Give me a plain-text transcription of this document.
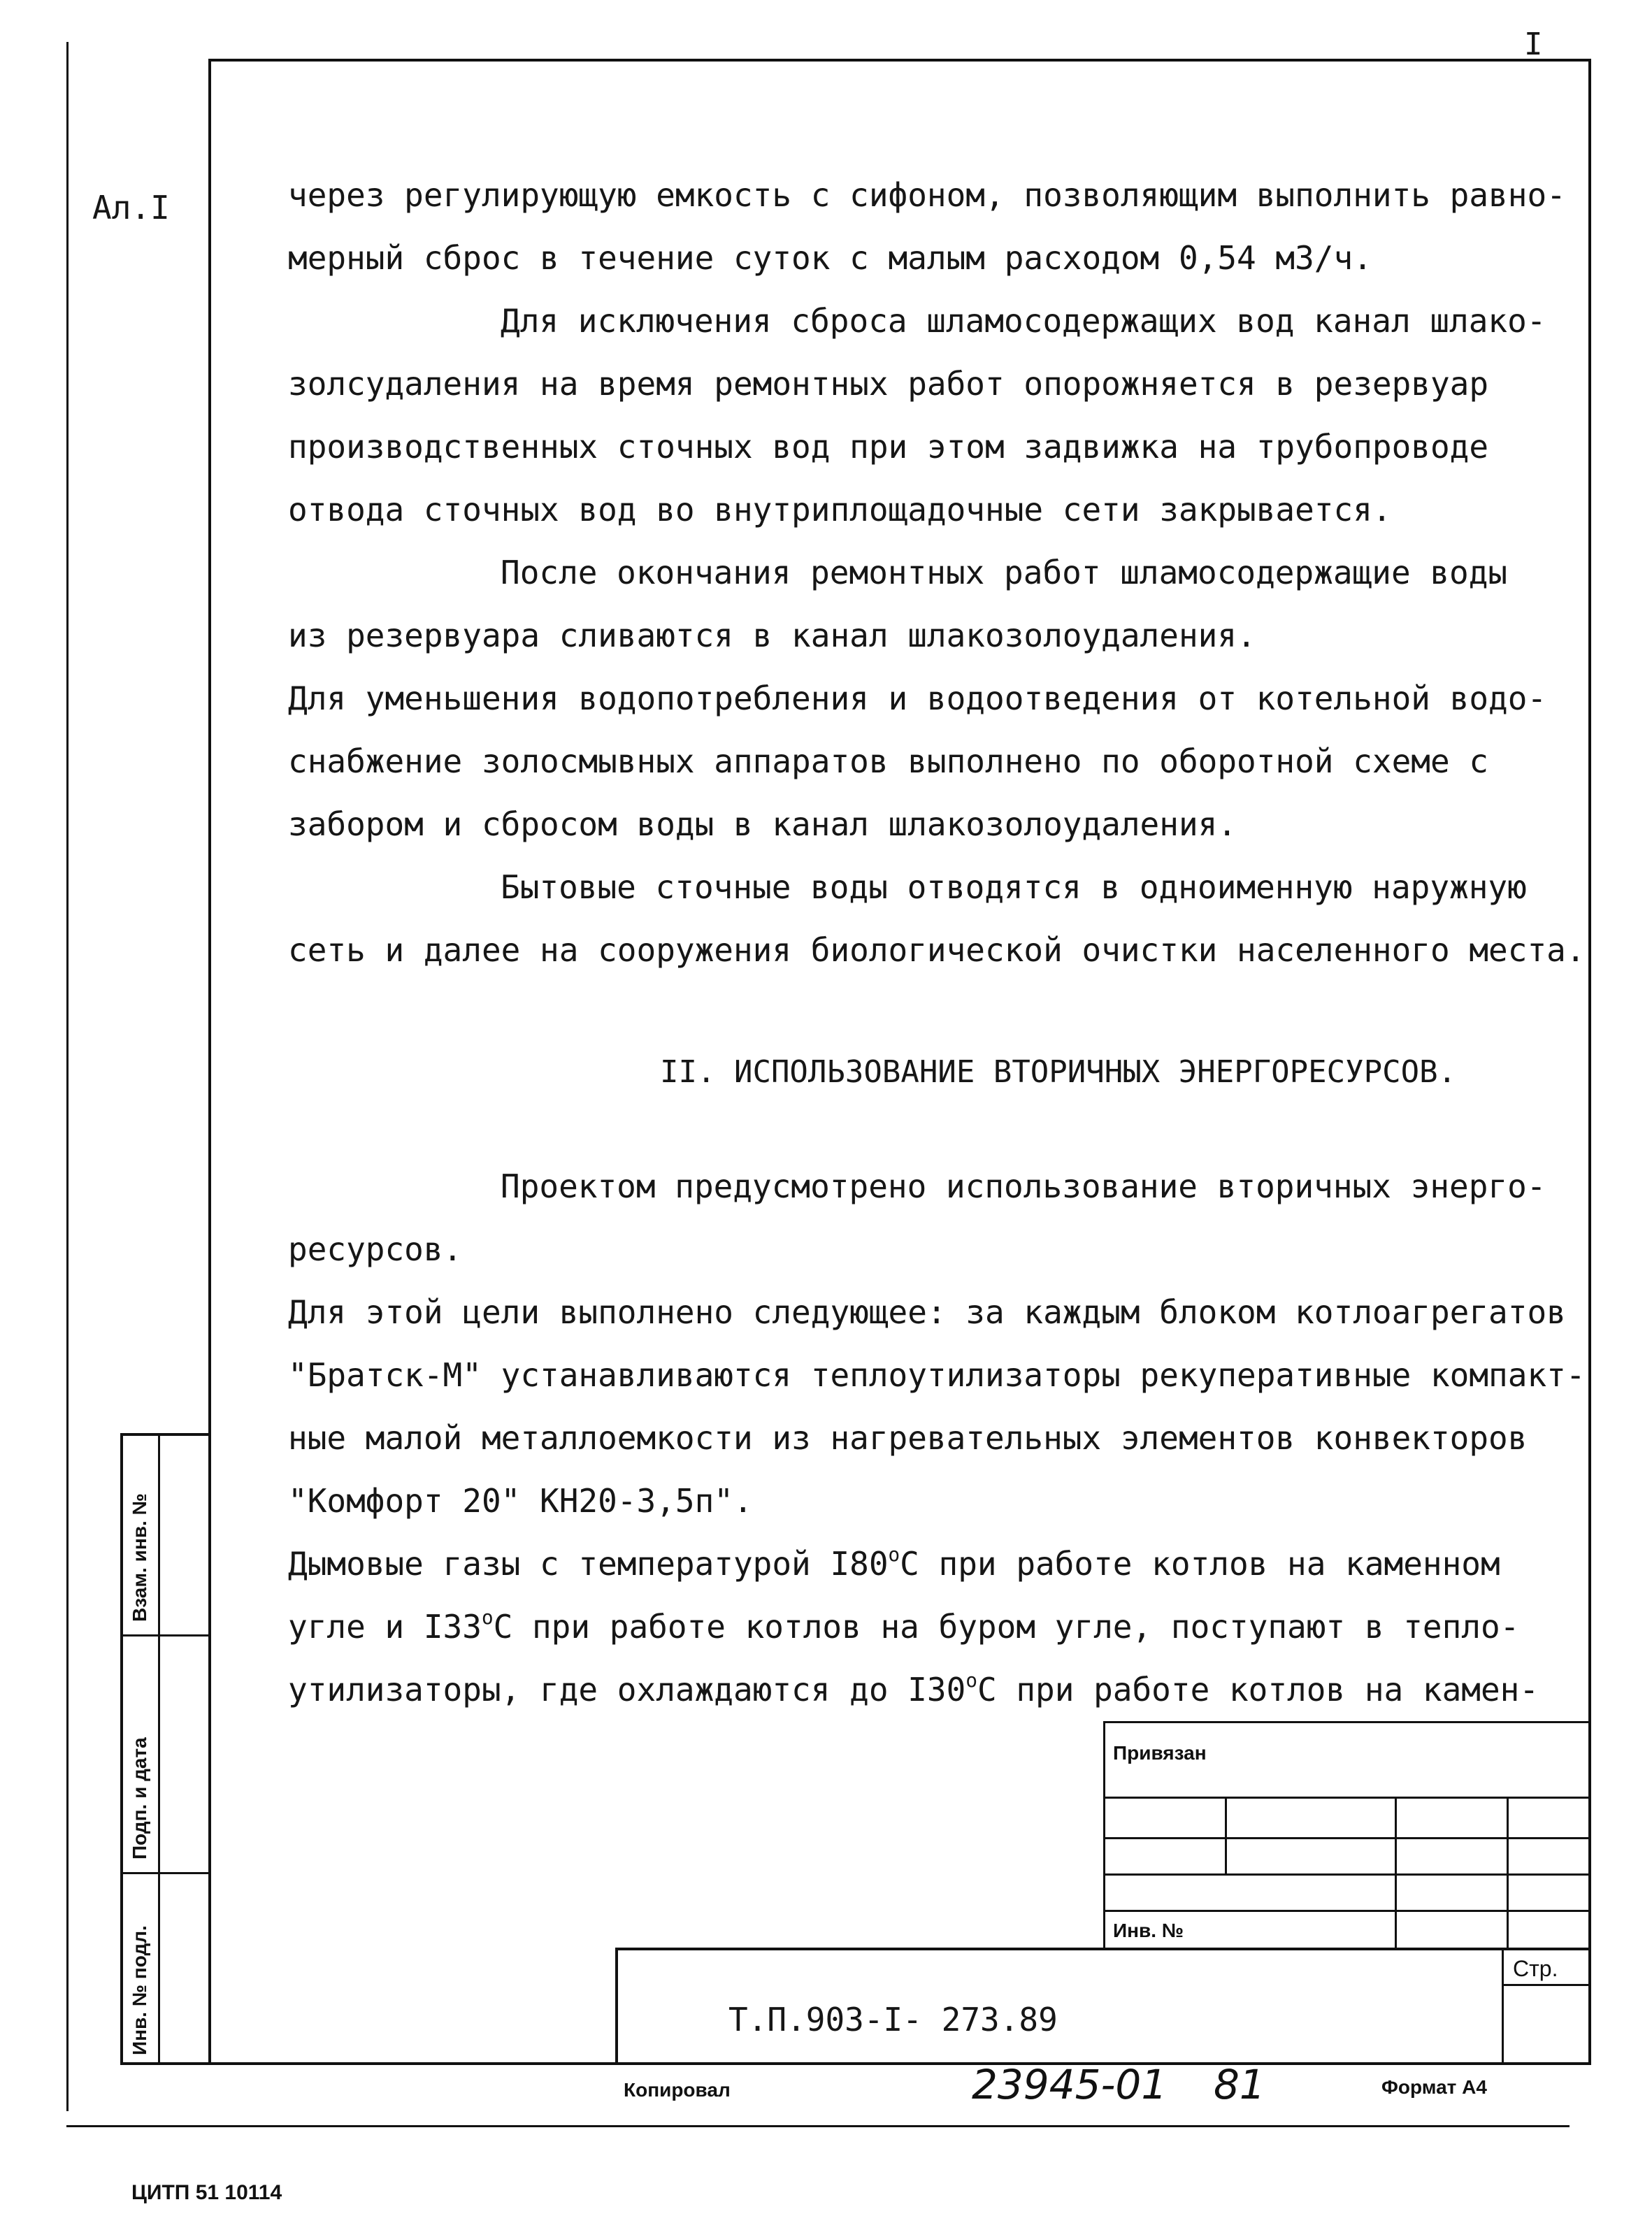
I
Ал.I	через регулирующую емкость с сифоном, позволяющим выполнить равно-
мерный сброс в течение суток с малым расходом 0,54 м3/ч.
Для исключения сброса шламосодержащих вод канал шлако-
золсудаления на время ремонтных работ опорожняется в резервуар
производственных сточных вод при этом задвижка на трубопроводе
отвода сточных вод во внутриплощадочные сети закрывается.
После окончания ремонтных работ шламосодержащие воды
из резервуара сливаются в канал шлакозолоудаления.
Для уменьшения водопотребления и водоотведения от котельной водо-
снабжение золосмывных аппаратов выполнено по оборотной схеме с
забором и сбросом воды в канал шлакозолоудаления.
Бытовые сточные воды отводятся в одноименную наружную
сеть и далее на сооружения биологической очистки населенного места.
II. ИСПОЛЬЗОВАНИЕ ВТОРИЧНЫХ ЭНЕРГОРЕСУРСОВ.
Проектом предусмотрено использование вторичных энерго-
ресурсов.
Для этой цели выполнено следующее: за каждым блоком котлоагрегатов
"Братск-М" устанавливаются теплоутилизаторы рекуперативные компакт-
ные малой металлоемкости из нагревательных элементов конвекторов
"Комфорт 20" КН20-3,5п".
Дымовые газы с температурой I80$^o$С при работе котлов на каменном
угле и I33$^o$С при работе котлов на буром угле, поступают в тепло-
утилизаторы, где охлаждаются до I30$^o$С при работе котлов на камен-
Взам. инв. №
Подп. и дата
Инв. № подл.
Привязан
Инв. №
Стр.
Т.П.903-I- 273.89
Копировал	23945-01 81	Формат А4
ЦИТП 51 10114
